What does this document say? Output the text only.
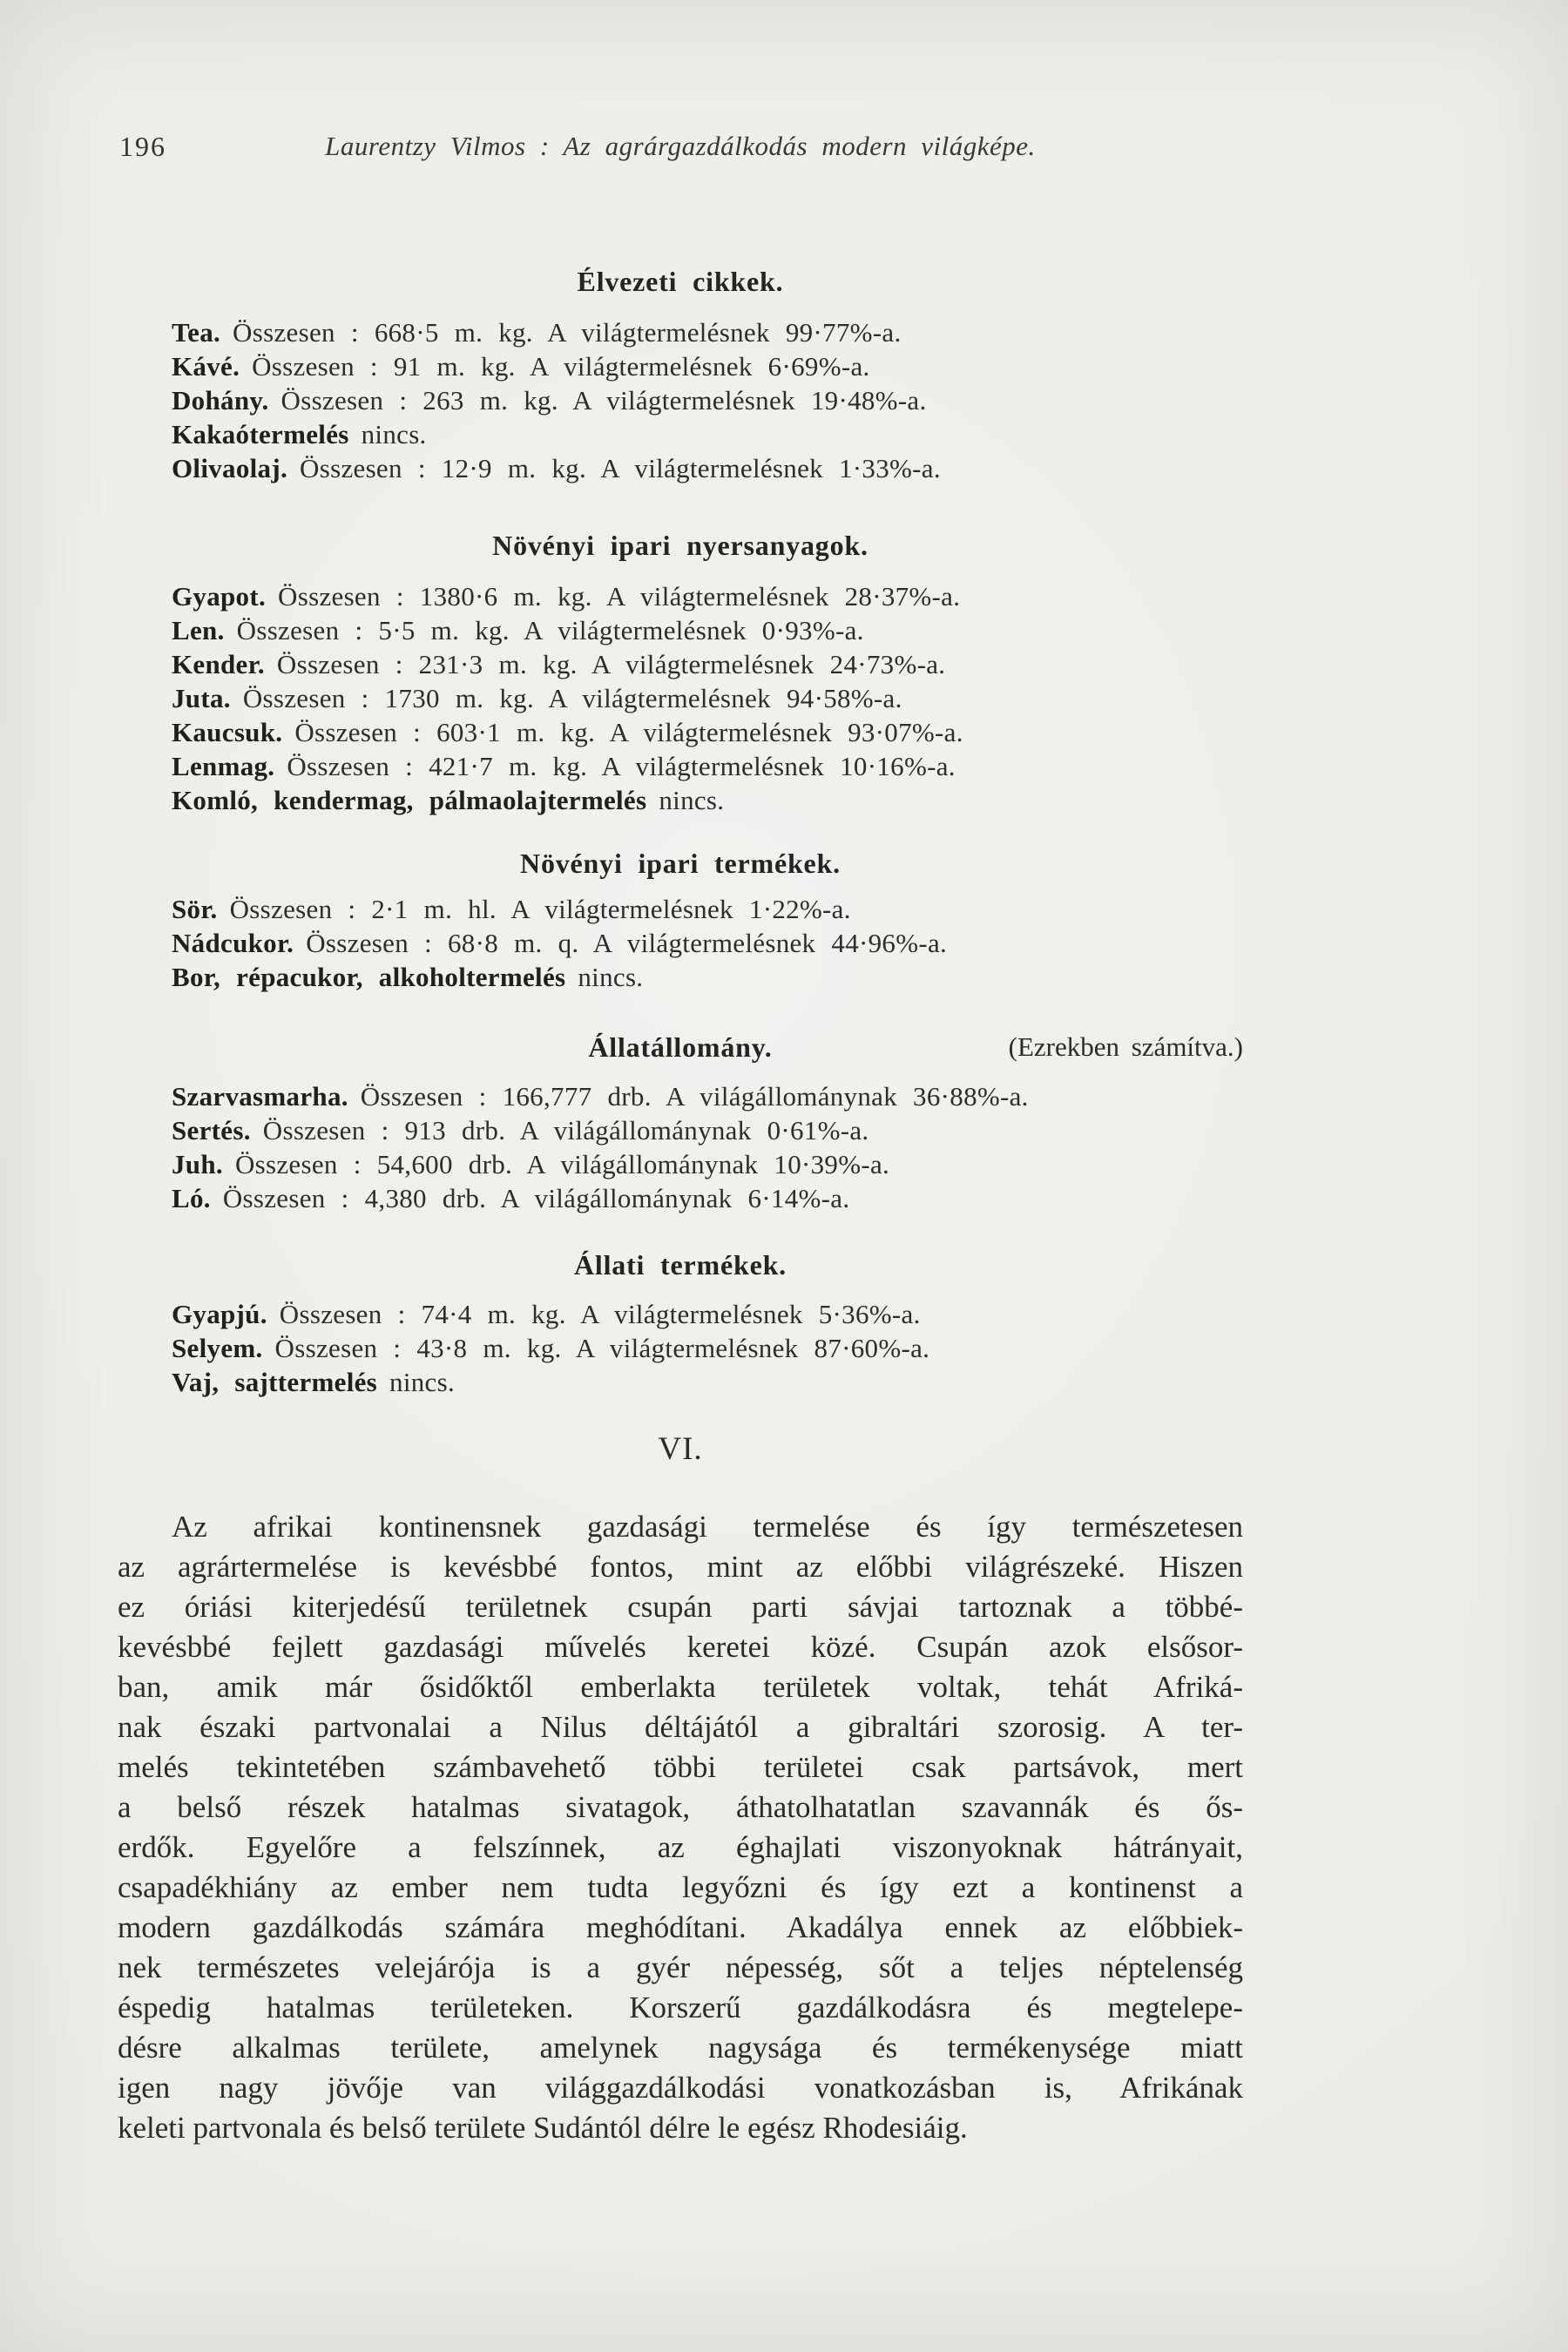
196	Laurentzy Vilmos : Az agrárgazdálkodás modern világképe.
Élvezeti cikkek.
Tea. Összesen : 668·5 m. kg. A világtermelésnek 99·77%-a.
Kávé. Összesen : 91 m. kg. A világtermelésnek 6·69%-a.
Dohány. Összesen : 263 m. kg. A világtermelésnek 19·48%-a.
Kakaótermelés nincs.
Olivaolaj. Összesen : 12·9 m. kg. A világtermelésnek 1·33%-a.
Növényi ipari nyersanyagok.
Gyapot. Összesen : 1380·6 m. kg. A világtermelésnek 28·37%-a.
Len. Összesen : 5·5 m. kg. A világtermelésnek 0·93%-a.
Kender. Összesen : 231·3 m. kg. A világtermelésnek 24·73%-a.
Juta. Összesen : 1730 m. kg. A világtermelésnek 94·58%-a.
Kaucsuk. Összesen : 603·1 m. kg. A világtermelésnek 93·07%-a.
Lenmag. Összesen : 421·7 m. kg. A világtermelésnek 10·16%-a.
Komló, kendermag, pálmaolajtermelés nincs.
Növényi ipari termékek.
Sör. Összesen : 2·1 m. hl. A világtermelésnek 1·22%-a.
Nádcukor. Összesen : 68·8 m. q. A világtermelésnek 44·96%-a.
Bor, répacukor, alkoholtermelés nincs.
Állatállomány.	(Ezrekben számítva.)
Szarvasmarha. Összesen : 166,777 drb. A világállománynak 36·88%-a.
Sertés. Összesen : 913 drb. A világállománynak 0·61%-a.
Juh. Összesen : 54,600 drb. A világállománynak 10·39%-a.
Ló. Összesen : 4,380 drb. A világállománynak 6·14%-a.
Állati termékek.
Gyapjú. Összesen : 74·4 m. kg. A világtermelésnek 5·36%-a.
Selyem. Összesen : 43·8 m. kg. A világtermelésnek 87·60%-a.
Vaj, sajttermelés nincs.
VI.
Az afrikai kontinensnek gazdasági termelése és így természetesen
az agrártermelése is kevésbbé fontos, mint az előbbi világrészeké. Hiszen
ez óriási kiterjedésű területnek csupán parti sávjai tartoznak a többé-
kevésbbé fejlett gazdasági művelés keretei közé. Csupán azok elsősor-
ban, amik már ősidőktől emberlakta területek voltak, tehát Afriká-
nak északi partvonalai a Nilus déltájától a gibraltári szorosig. A ter-
melés tekintetében számbavehető többi területei csak partsávok, mert
a belső részek hatalmas sivatagok, áthatolhatatlan szavannák és ős-
erdők. Egyelőre a felszínnek, az éghajlati viszonyoknak hátrányait,
csapadékhiány az ember nem tudta legyőzni és így ezt a kontinenst a
modern gazdálkodás számára meghódítani. Akadálya ennek az előbbiek-
nek természetes velejárója is a gyér népesség, sőt a teljes néptelenség
éspedig hatalmas területeken. Korszerű gazdálkodásra és megtelepe-
désre alkalmas területe, amelynek nagysága és termékenysége miatt
igen nagy jövője van világgazdálkodási vonatkozásban is, Afrikának
keleti partvonala és belső területe Sudántól délre le egész Rhodesiáig.
